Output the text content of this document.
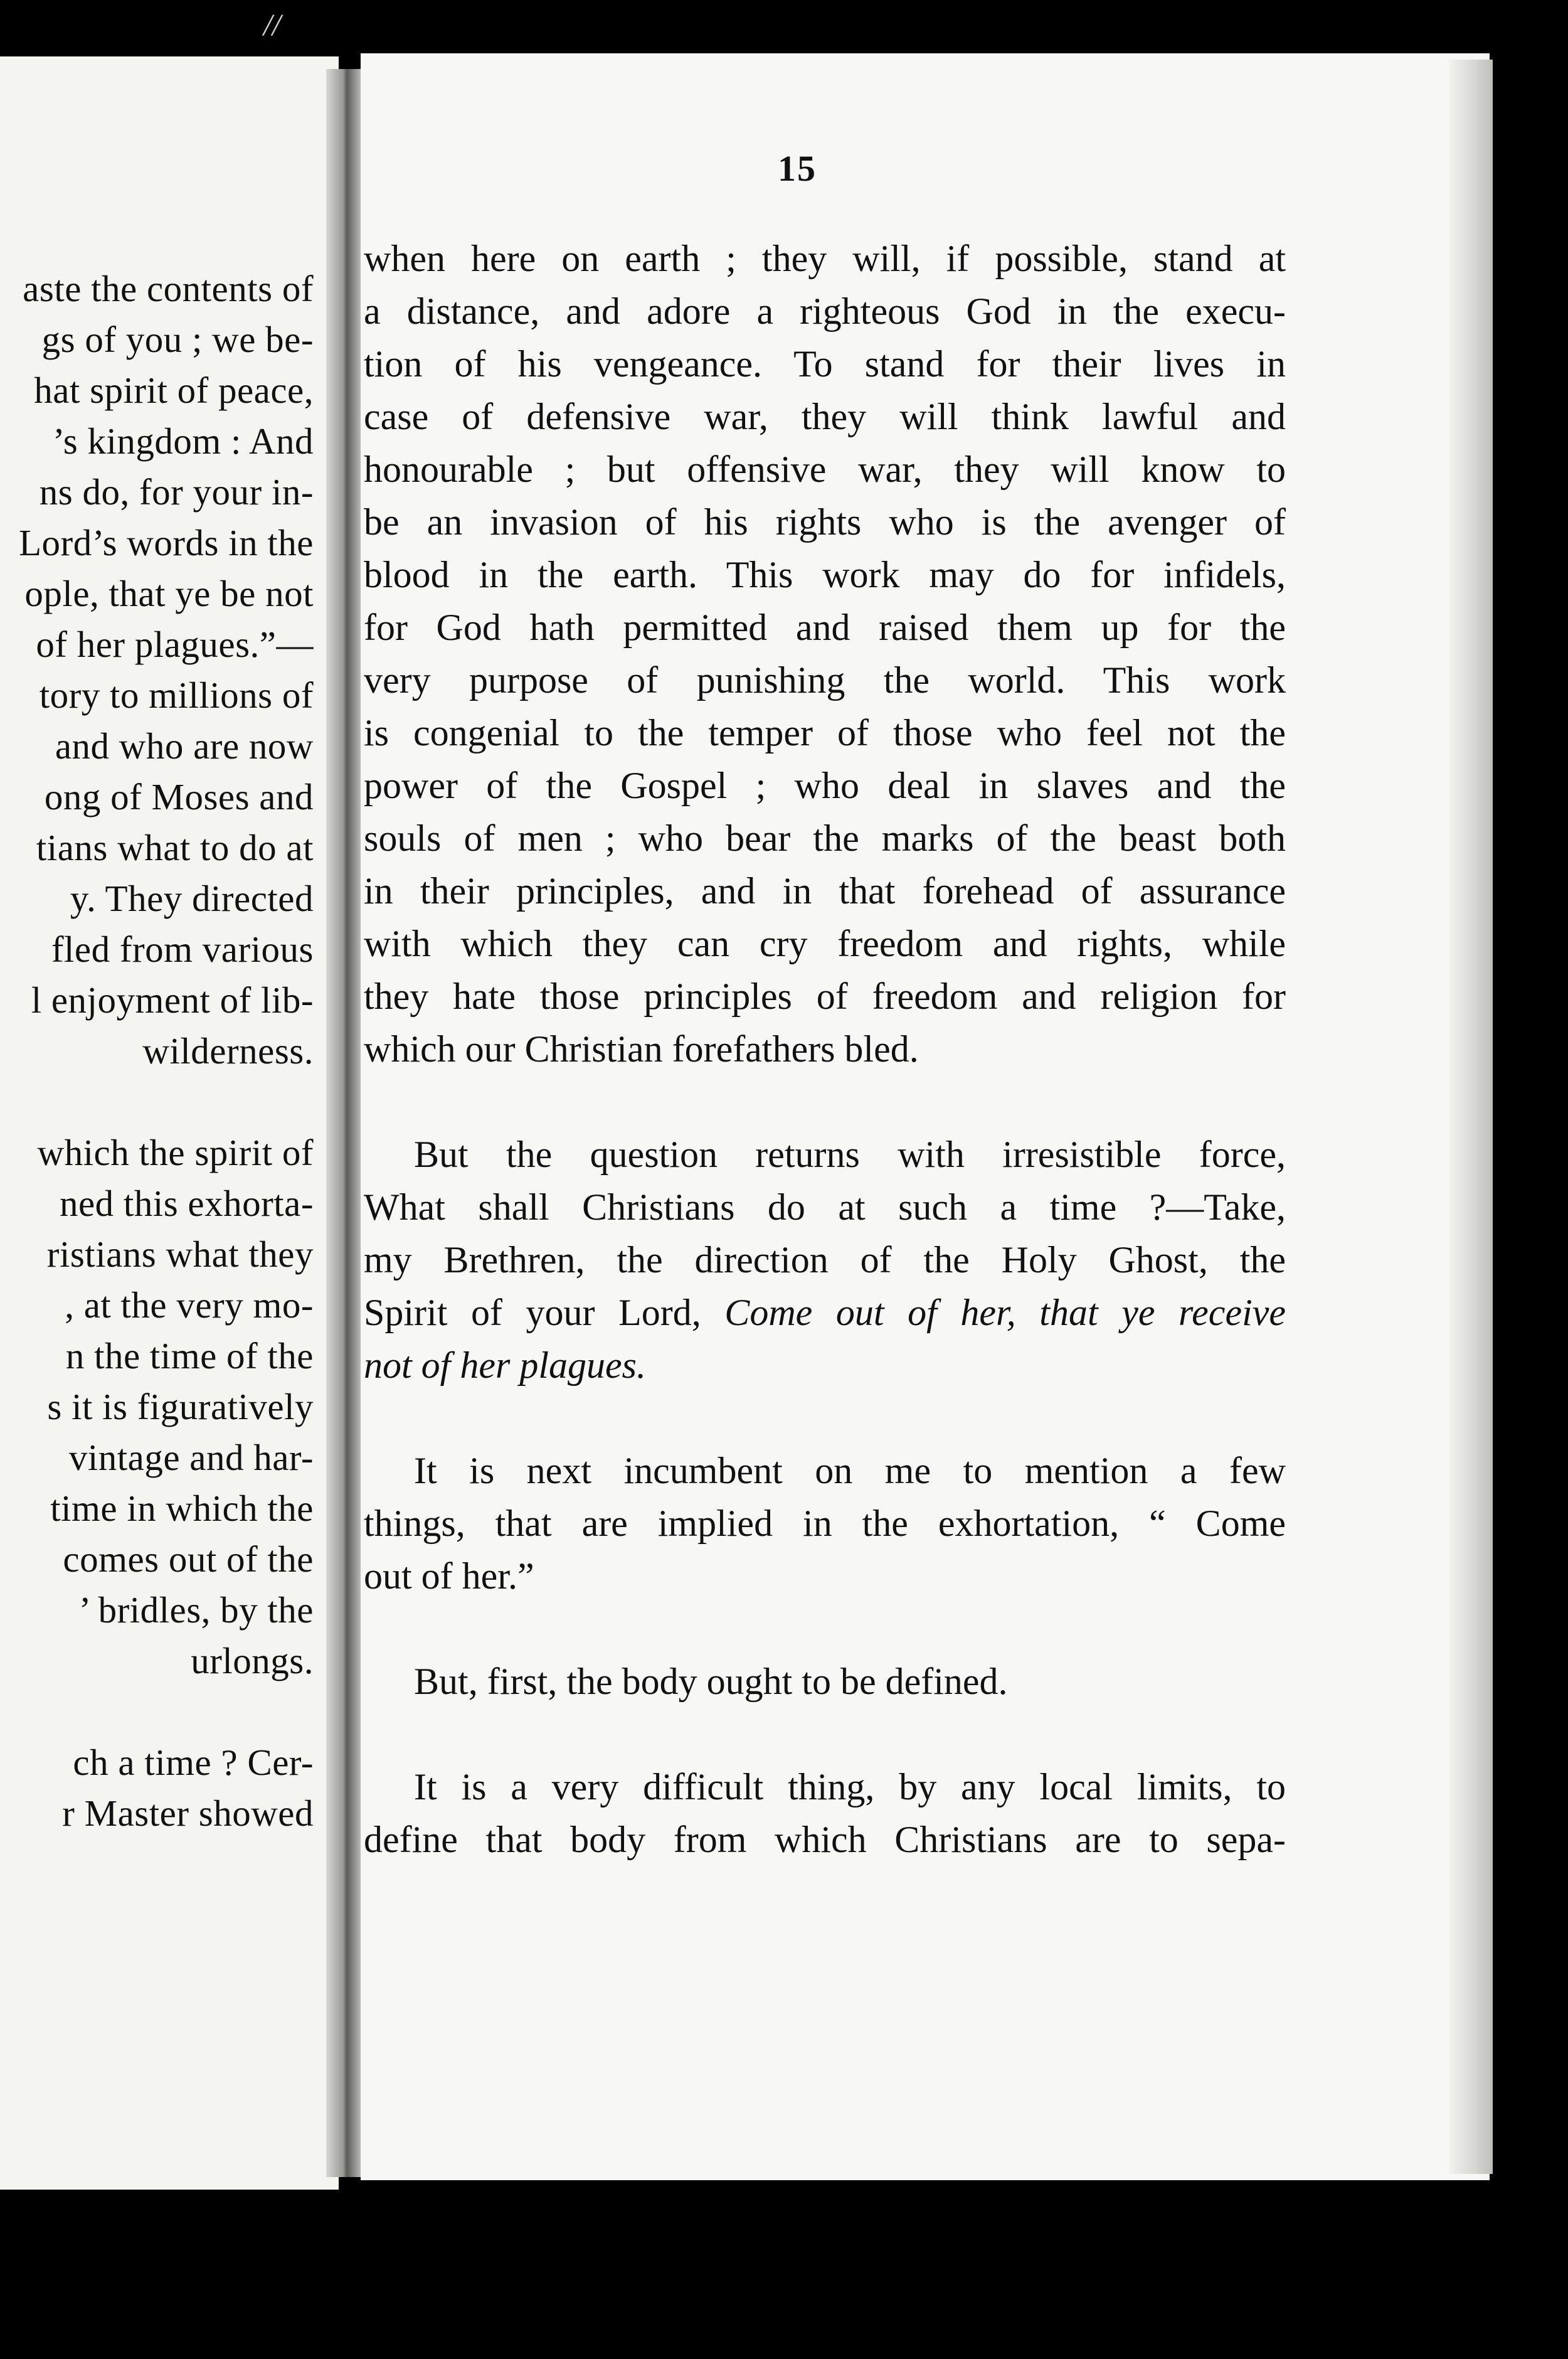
//
aste the contents of
gs of you ; we be-
hat spirit of peace,
’s kingdom : And
ns do, for your in-
Lord’s words in the
ople, that ye be not
of her plagues.”—
tory to millions of
and who are now
ong of Moses and
tians what to do at
y. They directed
fled from various
l enjoyment of lib-
wilderness.
which the spirit of
ned this exhorta-
ristians what they
, at the very mo-
n the time of the
s it is figuratively
vintage and har-
time in which the
comes out of the
’ bridles, by the
urlongs.
ch a time ? Cer-
r Master showed
15
when here on earth ; they will, if possible, stand at
a distance, and adore a righteous God in the execu-
tion of his vengeance. To stand for their lives in
case of defensive war, they will think lawful and
honourable ; but offensive war, they will know to
be an invasion of his rights who is the avenger of
blood in the earth. This work may do for infidels,
for God hath permitted and raised them up for the
very purpose of punishing the world. This work
is congenial to the temper of those who feel not the
power of the Gospel ; who deal in slaves and the
souls of men ; who bear the marks of the beast both
in their principles, and in that forehead of assurance
with which they can cry freedom and rights, while
they hate those principles of freedom and religion for
which our Christian forefathers bled.
But the question returns with irresistible force,
What shall Christians do at such a time ?—Take,
my Brethren, the direction of the Holy Ghost, the
Spirit of your Lord, Come out of her, that ye receive
not of her plagues.
It is next incumbent on me to mention a few
things, that are implied in the exhortation, “ Come
out of her.”
But, first, the body ought to be defined.
It is a very difficult thing, by any local limits, to
define that body from which Christians are to sepa-
